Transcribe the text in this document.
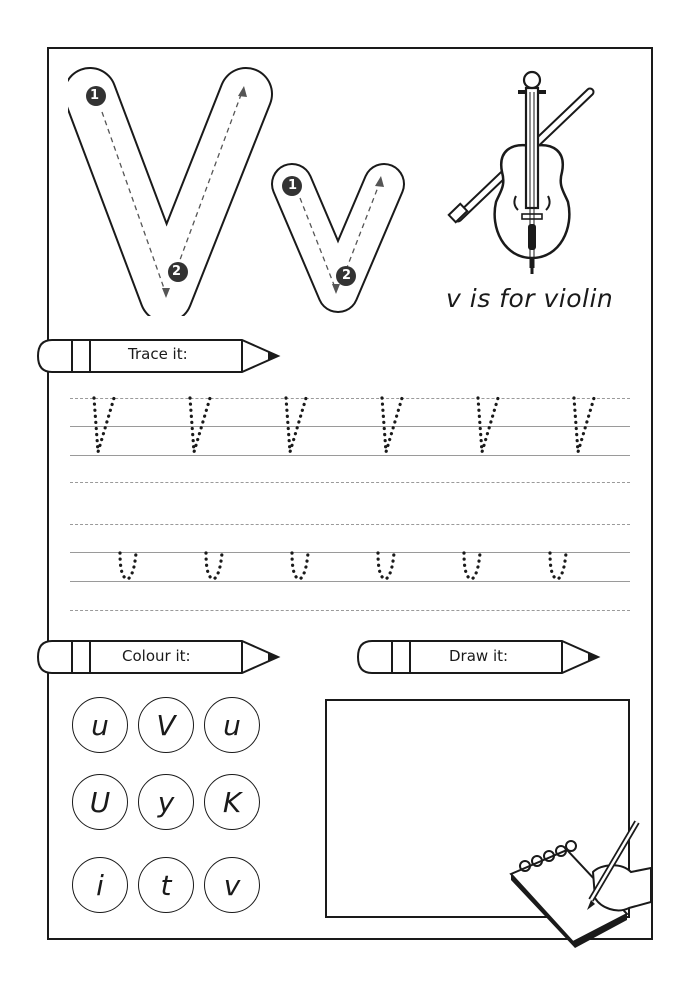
1
2
1
2
v is for violin
Trace it:
Colour it:	Draw it:
u	V	u
U	y	K
i	t	v
